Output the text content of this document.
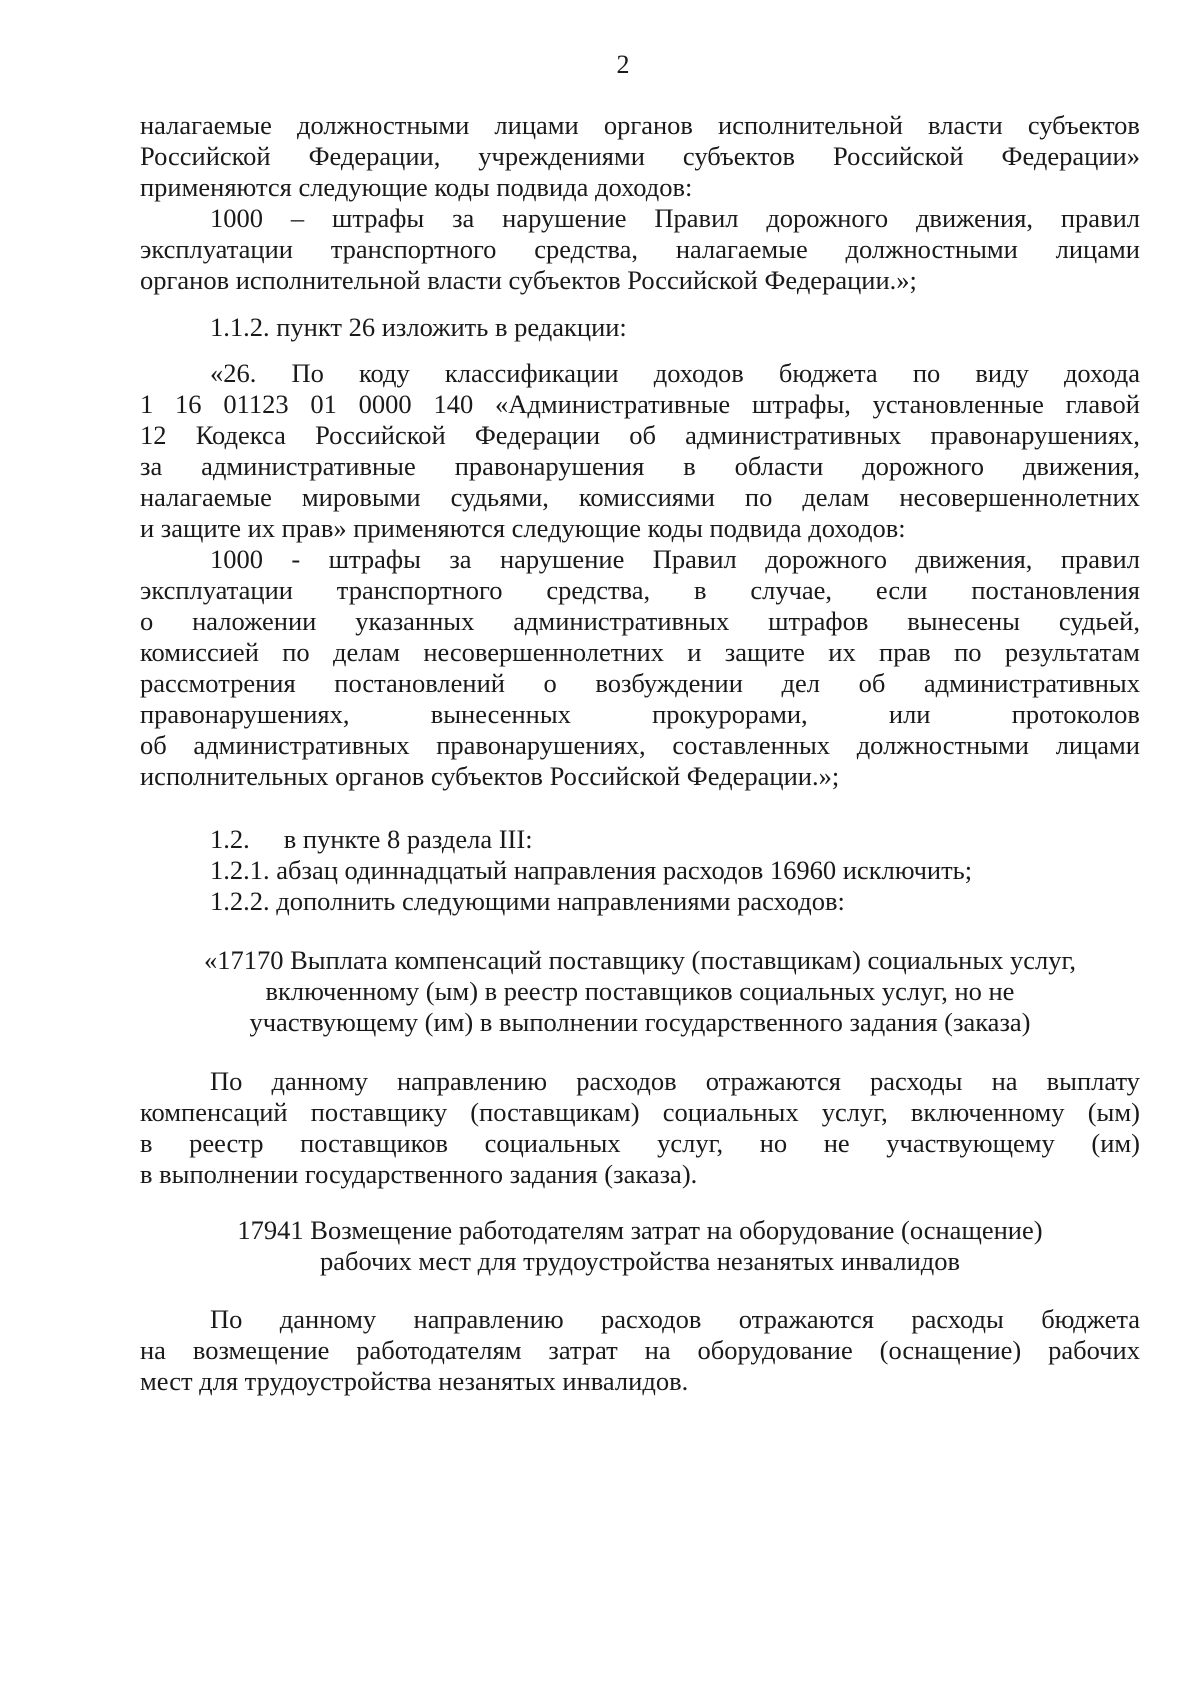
2
налагаемые должностными лицами органов исполнительной власти субъектов
Российской Федерации, учреждениями субъектов Российской Федерации»
применяются следующие коды подвида доходов:
1000 – штрафы за нарушение Правил дорожного движения, правил
эксплуатации транспортного средства, налагаемые должностными лицами
органов исполнительной власти субъектов Российской Федерации.»;
1.1.2. пункт 26 изложить в редакции:
«26. По коду классификации доходов бюджета по виду дохода
1 16 01123 01 0000 140 «Административные штрафы, установленные главой
12 Кодекса Российской Федерации об административных правонарушениях,
за административные правонарушения в области дорожного движения,
налагаемые мировыми судьями, комиссиями по делам несовершеннолетних
и защите их прав» применяются следующие коды подвида доходов:
1000 - штрафы за нарушение Правил дорожного движения, правил
эксплуатации транспортного средства, в случае, если постановления
о наложении указанных административных штрафов вынесены судьей,
комиссией по делам несовершеннолетних и защите их прав по результатам
рассмотрения постановлений о возбуждении дел об административных
правонарушениях,	вынесенных	прокурорами,	или	протоколов
об административных правонарушениях, составленных должностными лицами
исполнительных органов субъектов Российской Федерации.»;
1.2. в пункте 8 раздела III:
1.2.1. абзац одиннадцатый направления расходов 16960 исключить;
1.2.2. дополнить следующими направлениями расходов:
«17170 Выплата компенсаций поставщику (поставщикам) социальных услуг,
включенному (ым) в реестр поставщиков социальных услуг, но не
участвующему (им) в выполнении государственного задания (заказа)
По данному направлению расходов отражаются расходы на выплату
компенсаций поставщику (поставщикам) социальных услуг, включенному (ым)
в реестр поставщиков социальных услуг, но не участвующему (им)
в выполнении государственного задания (заказа).
17941 Возмещение работодателям затрат на оборудование (оснащение)
рабочих мест для трудоустройства незанятых инвалидов
По данному направлению расходов отражаются расходы бюджета
на возмещение работодателям затрат на оборудование (оснащение) рабочих
мест для трудоустройства незанятых инвалидов.
